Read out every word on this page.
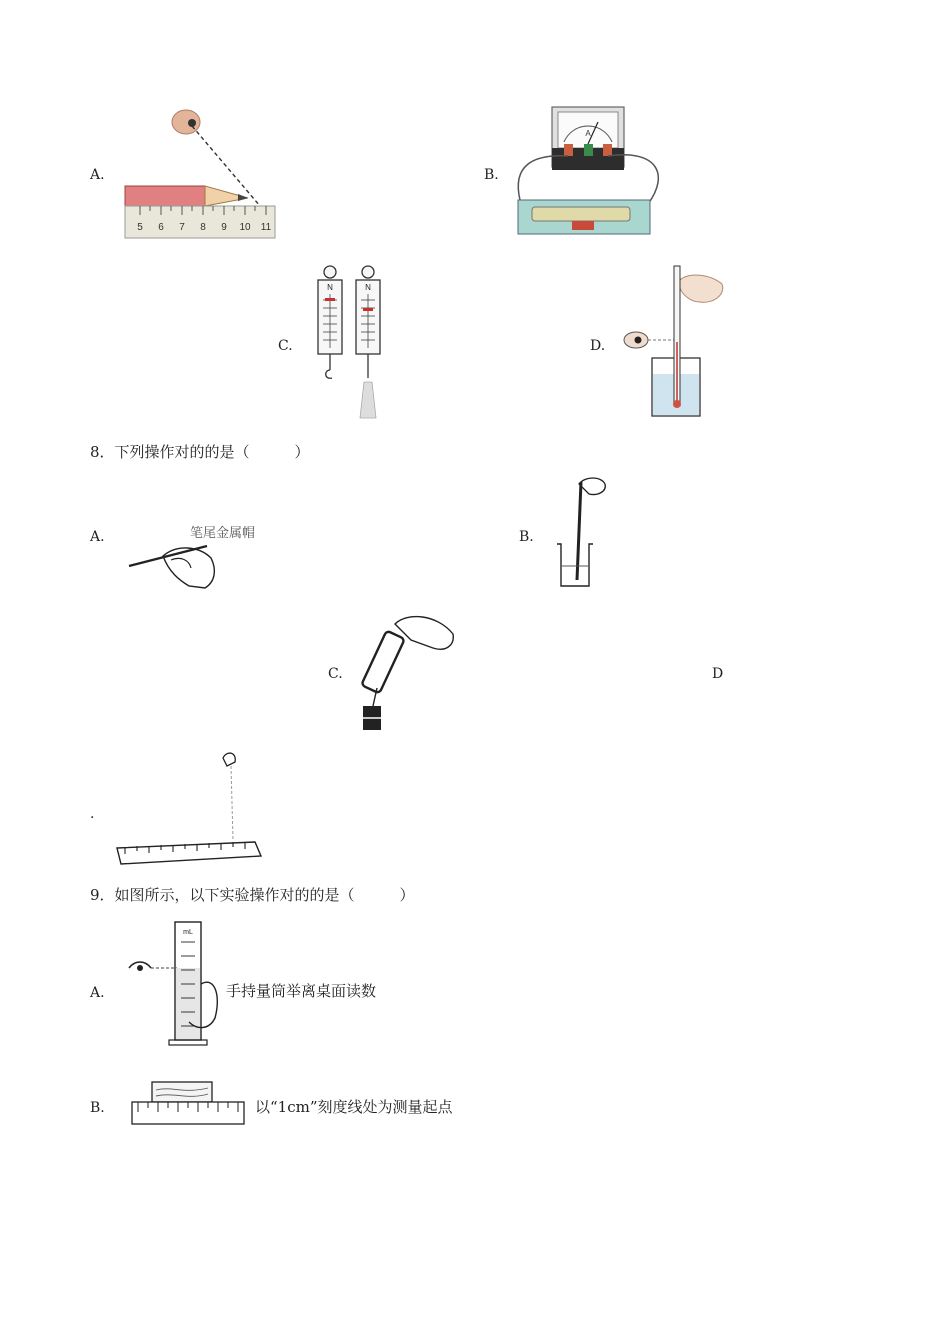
A.
5 6 7 8 9 10 11
B.
A
C.
N	N
D.
8．下列操作对的的是（　　　）
A.	笔尾金属帽	B.
C.	D
.
9．如图所示，以下实验操作对的的是（　　　）
A.
mL
手持量筒举离桌面读数
B.	以“1cm”刻度线处为测量起点
